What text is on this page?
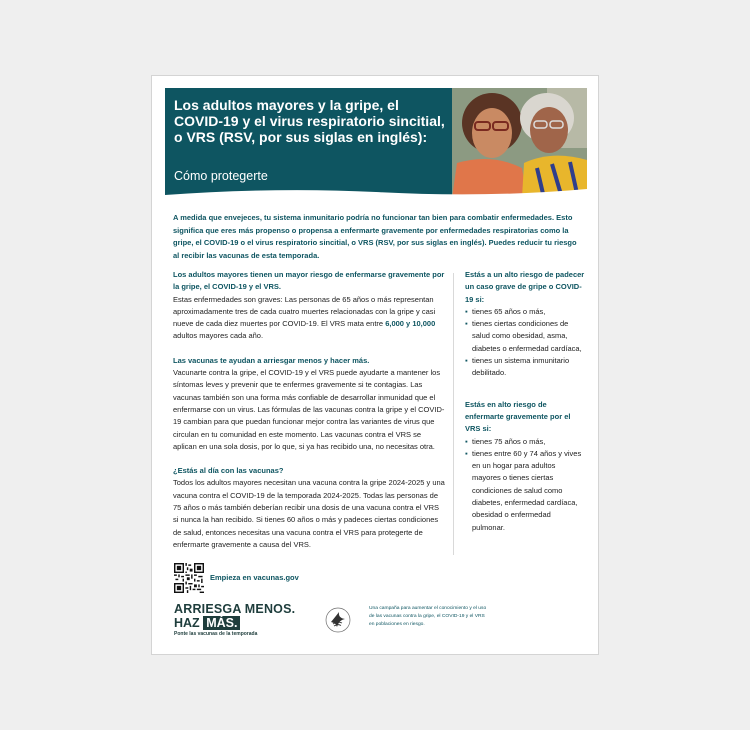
Los adultos mayores y la gripe, el COVID-19 y el virus respiratorio sincitial, o VRS (RSV, por sus siglas en inglés):
Cómo protegerte
A medida que envejeces, tu sistema inmunitario podría no funcionar tan bien para combatir enfermedades. Esto significa que eres más propenso o propensa a enfermarte gravemente por enfermedades respiratorias como la gripe, el COVID-19 o el virus respiratorio sincitial, o VRS (RSV, por sus siglas en inglés). Puedes reducir tu riesgo al recibir las vacunas de esta temporada.
Los adultos mayores tienen un mayor riesgo de enfermarse gravemente por la gripe, el COVID-19 y el VRS.
Estas enfermedades son graves: Las personas de 65 años o más representan aproximadamente tres de cada cuatro muertes relacionadas con la gripe y casi nueve de cada diez muertes por COVID-19. El VRS mata entre 6,000 y 10,000 adultos mayores cada año.
Las vacunas te ayudan a arriesgar menos y hacer más.
Vacunarte contra la gripe, el COVID-19 y el VRS puede ayudarte a mantener los síntomas leves y prevenir que te enfermes gravemente si te contagias. Las vacunas también son una forma más confiable de desarrollar inmunidad que el enfermarse con un virus. Las fórmulas de las vacunas contra la gripe y el COVID-19 cambian para que puedan funcionar mejor contra las variantes de virus que circulan en tu comunidad en este momento. Las vacunas contra el VRS se aplican en una sola dosis, por lo que, si ya has recibido una, no necesitas otra.
¿Estás al día con las vacunas?
Todos los adultos mayores necesitan una vacuna contra la gripe 2024-2025 y una vacuna contra el COVID-19 de la temporada 2024-2025. Todas las personas de 75 años o más también deberían recibir una dosis de una vacuna contra el VRS si nunca la han recibido. Si tienes 60 años o más y padeces ciertas condiciones de salud, entonces necesitas una vacuna contra el VRS para protegerte de enfermarte gravemente a causa del VRS.
Estás a un alto riesgo de padecer un caso grave de gripe o COVID-19 si:
▪ tienes 65 años o más,
▪ tienes ciertas condiciones de salud como obesidad, asma, diabetes o enfermedad cardíaca,
▪ tienes un sistema inmunitario debilitado.
Estás en alto riesgo de enfermarte gravemente por el VRS si:
▪ tienes 75 años o más,
▪ tienes entre 60 y 74 años y vives en un hogar para adultos mayores o tienes ciertas condiciones de salud como diabetes, enfermedad cardíaca, obesidad o enfermedad pulmonar.
Empieza en vacunas.gov
ARRIESGA MENOS.
HAZ MÁS.
Ponte las vacunas de la temporada
Una campaña para aumentar el conocimiento y el uso de las vacunas contra la gripe, el COVID-19 y el VRS en poblaciones en riesgo.
